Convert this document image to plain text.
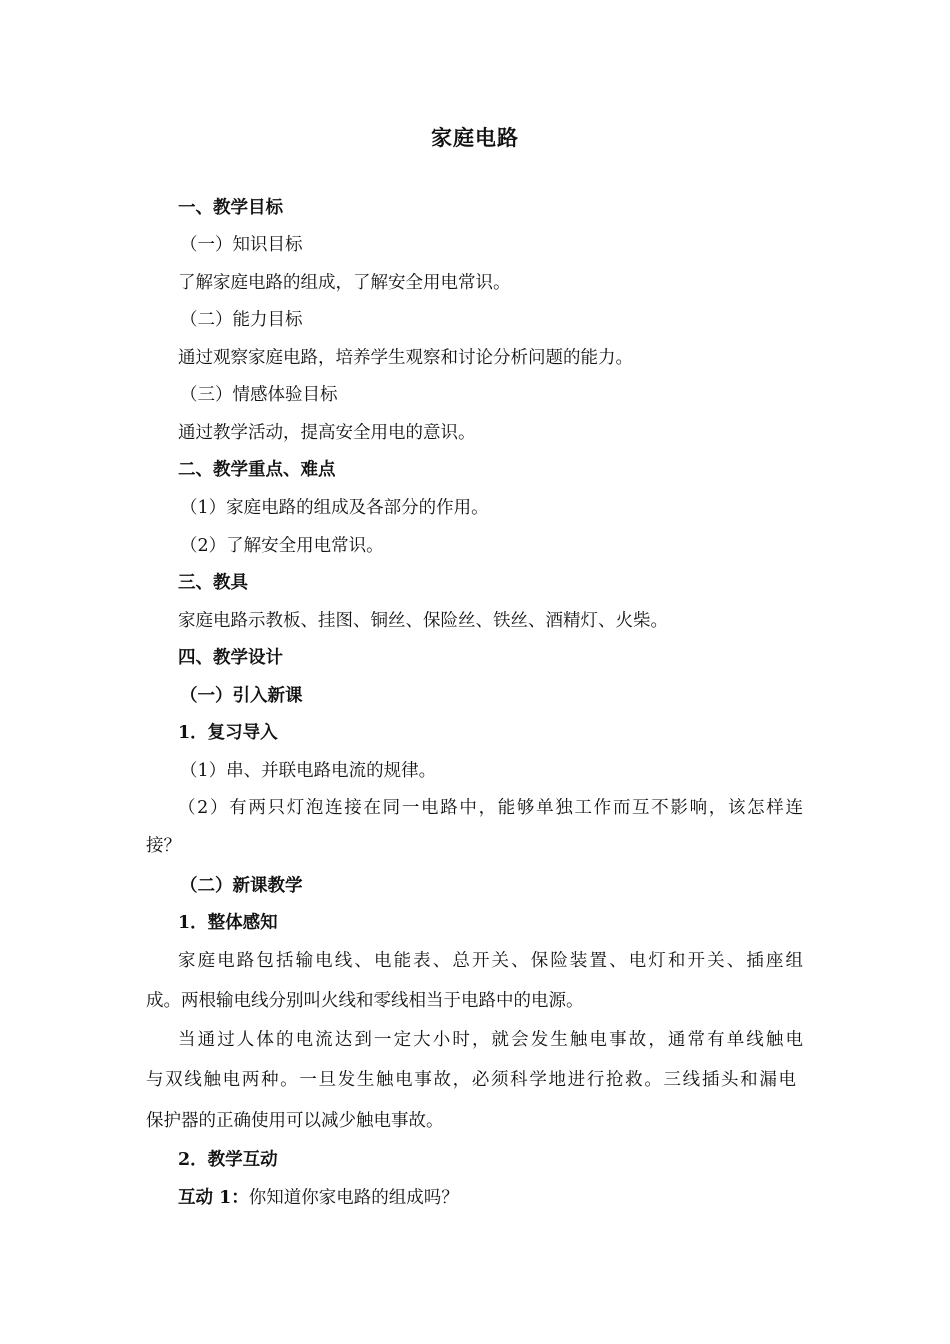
家庭电路
一、教学目标
（一）知识目标
了解家庭电路的组成，了解安全用电常识。
（二）能力目标
通过观察家庭电路，培养学生观察和讨论分析问题的能力。
（三）情感体验目标
通过教学活动，提高安全用电的意识。
二、教学重点、难点
（1）家庭电路的组成及各部分的作用。
（2）了解安全用电常识。
三、教具
家庭电路示教板、挂图、铜丝、保险丝、铁丝、酒精灯、火柴。
四、教学设计
（一）引入新课
1．复习导入
（1）串、并联电路电流的规律。
（2）有两只灯泡连接在同一电路中，能够单独工作而互不影响，该怎样连
接？
（二）新课教学
1．整体感知
家庭电路包括输电线、电能表、总开关、保险装置、电灯和开关、插座组
成。两根输电线分别叫火线和零线相当于电路中的电源。
当通过人体的电流达到一定大小时，就会发生触电事故，通常有单线触电
与双线触电两种。一旦发生触电事故，必须科学地进行抢救。三线插头和漏电
保护器的正确使用可以减少触电事故。
2．教学互动
互动 1：你知道你家电路的组成吗？
